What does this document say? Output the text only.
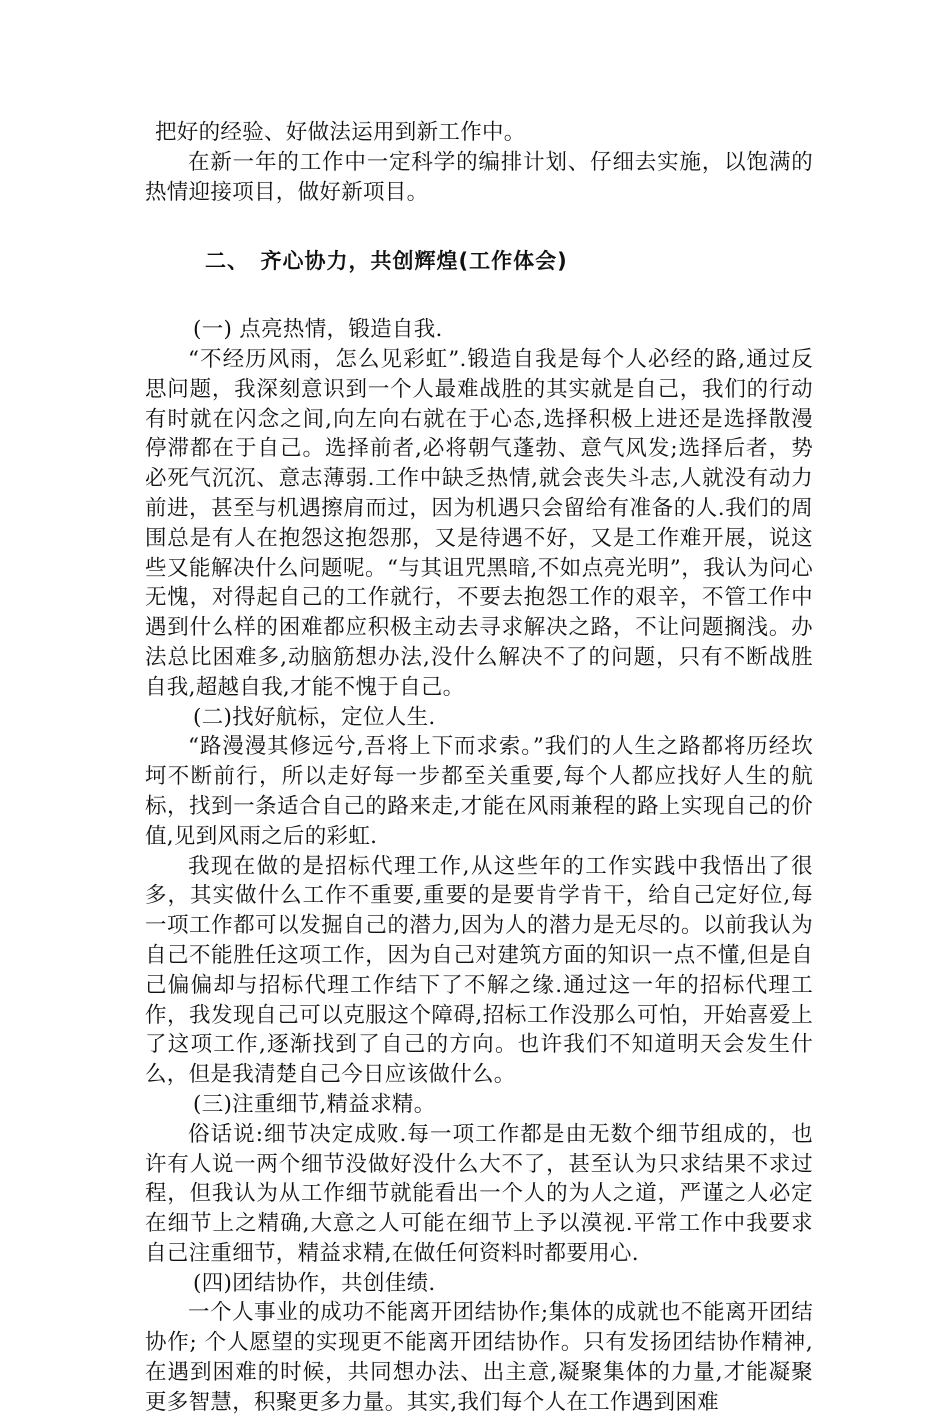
把好的经验、好做法运用到新工作中。

在新一年的工作中一定科学的编排计划、仔细去实施，以饱满的热情迎接项目，做好新项目。

二、　齐心协力，共创辉煌(工作体会)

(一) 点亮热情，锻造自我.

“不经历风雨，怎么见彩虹”.锻造自我是每个人必经的路,通过反思问题，我深刻意识到一个人最难战胜的其实就是自己，我们的行动有时就在闪念之间,向左向右就在于心态,选择积极上进还是选择散漫停滞都在于自己。选择前者,必将朝气蓬勃、意气风发;选择后者，势必死气沉沉、意志薄弱.工作中缺乏热情,就会丧失斗志,人就没有动力前进，甚至与机遇擦肩而过，因为机遇只会留给有准备的人.我们的周围总是有人在抱怨这抱怨那，又是待遇不好，又是工作难开展，说这些又能解决什么问题呢。“与其诅咒黑暗,不如点亮光明”，我认为问心无愧，对得起自己的工作就行，不要去抱怨工作的艰辛，不管工作中遇到什么样的困难都应积极主动去寻求解决之路，不让问题搁浅。办法总比困难多,动脑筋想办法,没什么解决不了的问题，只有不断战胜自我,超越自我,才能不愧于自己。

(二)找好航标，定位人生.

“路漫漫其修远兮,吾将上下而求索。”我们的人生之路都将历经坎坷不断前行，所以走好每一步都至关重要,每个人都应找好人生的航标，找到一条适合自己的路来走,才能在风雨兼程的路上实现自己的价值,见到风雨之后的彩虹.

我现在做的是招标代理工作,从这些年的工作实践中我悟出了很多，其实做什么工作不重要,重要的是要肯学肯干，给自己定好位,每一项工作都可以发掘自己的潜力,因为人的潜力是无尽的。以前我认为自己不能胜任这项工作，因为自己对建筑方面的知识一点不懂,但是自己偏偏却与招标代理工作结下了不解之缘.通过这一年的招标代理工作，我发现自己可以克服这个障碍,招标工作没那么可怕，开始喜爱上了这项工作,逐渐找到了自己的方向。也许我们不知道明天会发生什么，但是我清楚自己今日应该做什么。

(三)注重细节,精益求精。

俗话说:细节决定成败.每一项工作都是由无数个细节组成的，也许有人说一两个细节没做好没什么大不了，甚至认为只求结果不求过程，但我认为从工作细节就能看出一个人的为人之道，严谨之人必定在细节上之精确,大意之人可能在细节上予以漠视.平常工作中我要求自己注重细节，精益求精,在做任何资料时都要用心.

(四)团结协作，共创佳绩.

一个人事业的成功不能离开团结协作;集体的成就也不能离开团结协作; 个人愿望的实现更不能离开团结协作。只有发扬团结协作精神,在遇到困难的时候，共同想办法、出主意,凝聚集体的力量,才能凝聚更多智慧，积聚更多力量。其实,我们每个人在工作遇到困难
